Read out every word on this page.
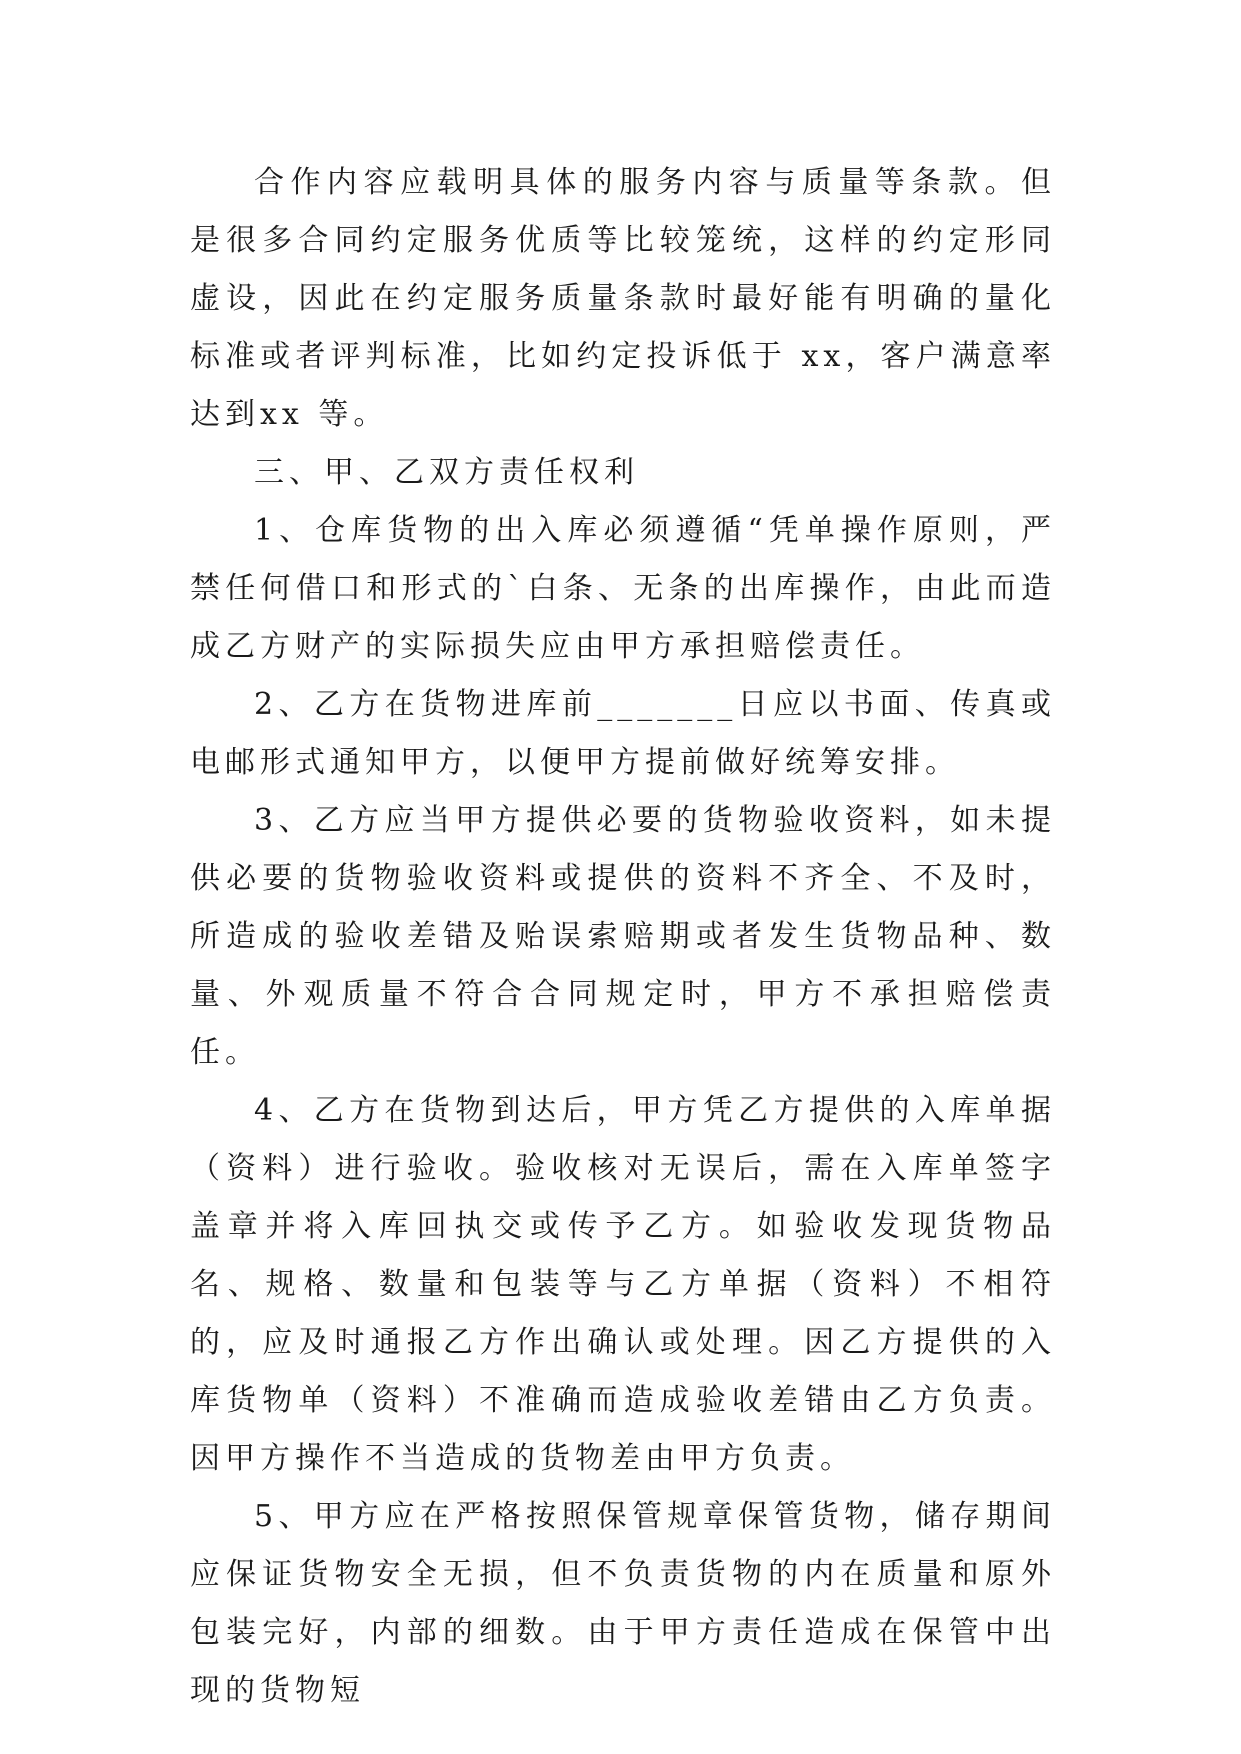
合作内容应载明具体的服务内容与质量等条款。但是很多合同约定服务优质等比较笼统，这样的约定形同虚设，因此在约定服务质量条款时最好能有明确的量化标准或者评判标准，比如约定投诉低于 xx，客户满意率达到xx 等。

三、甲、乙双方责任权利

1、仓库货物的出入库必须遵循“凭单操作原则，严禁任何借口和形式的`白条、无条的出库操作，由此而造成乙方财产的实际损失应由甲方承担赔偿责任。

2、乙方在货物进库前_______日应以书面、传真或电邮形式通知甲方，以便甲方提前做好统筹安排。

3、乙方应当甲方提供必要的货物验收资料，如未提供必要的货物验收资料或提供的资料不齐全、不及时，所造成的验收差错及贻误索赔期或者发生货物品种、数量、外观质量不符合合同规定时，甲方不承担赔偿责任。

4、乙方在货物到达后，甲方凭乙方提供的入库单据（资料）进行验收。验收核对无误后，需在入库单签字盖章并将入库回执交或传予乙方。如验收发现货物品名、规格、数量和包装等与乙方单据（资料）不相符的，应及时通报乙方作出确认或处理。因乙方提供的入库货物单（资料）不准确而造成验收差错由乙方负责。因甲方操作不当造成的货物差由甲方负责。

5、甲方应在严格按照保管规章保管货物，储存期间应保证货物安全无损，但不负责货物的内在质量和原外包装完好，内部的细数。由于甲方责任造成在保管中出现的货物短
